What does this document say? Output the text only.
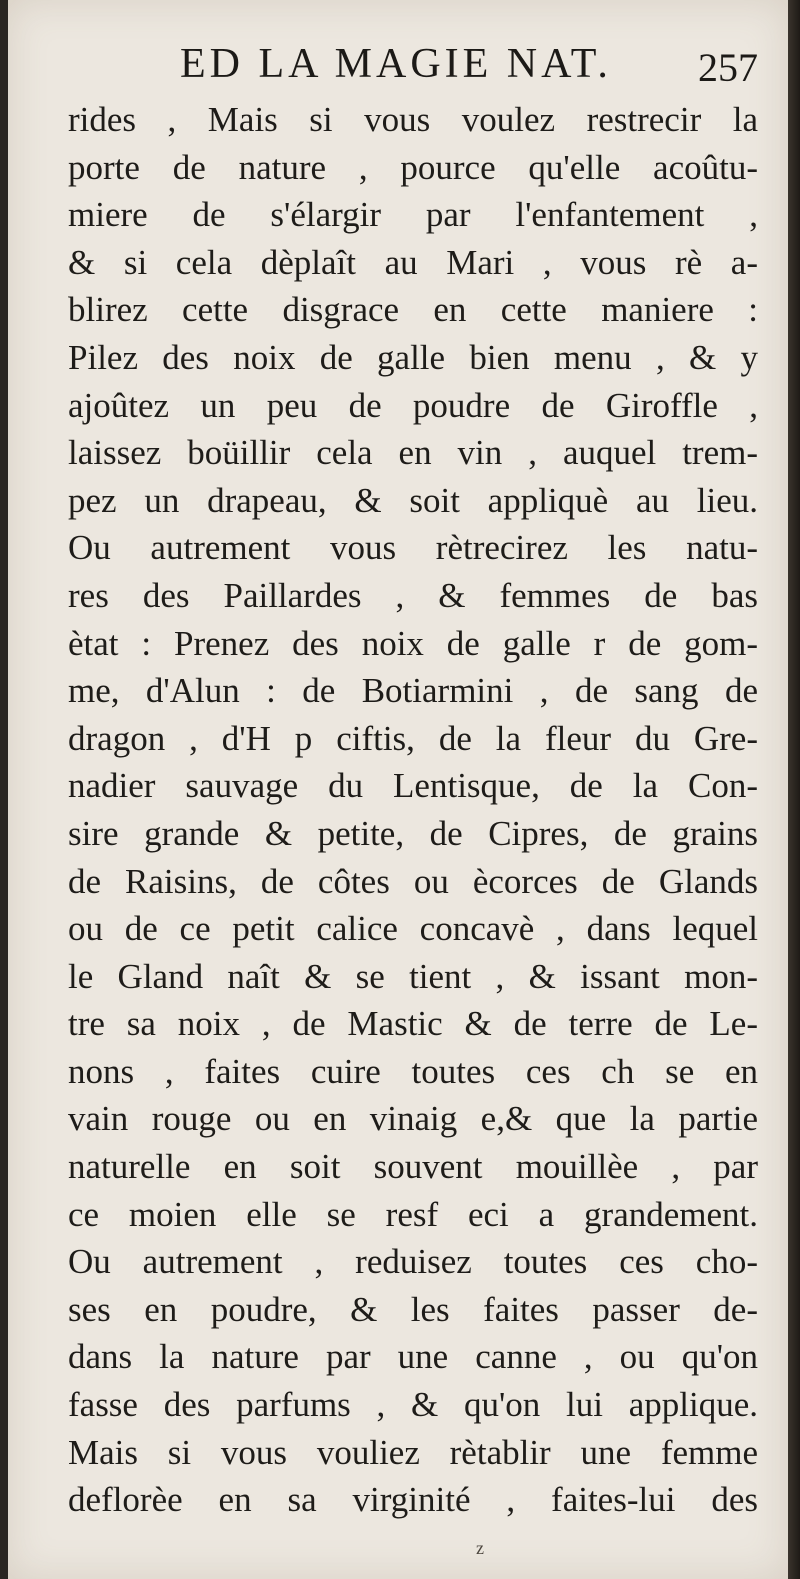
ED LA MAGIE NAT. 257
rides , Mais si vous voulez restrecir la
porte de nature , pource qu'elle acoûtu-
miere de s'élargir par l'enfantement ,
& si cela dèplaît au Mari , vous rè a-
blirez cette disgrace en cette maniere :
Pilez des noix de galle bien menu , & y
ajoûtez un peu de poudre de Giroffle ,
laissez boüillir cela en vin , auquel trem-
pez un drapeau, & soit appliquè au lieu.
Ou autrement vous rètrecirez les natu-
res des Paillardes , & femmes de bas
ètat : Prenez des noix de galle r de gom-
me, d'Alun : de Botiarmini , de sang de
dragon , d'H p ciftis, de la fleur du Gre-
nadier sauvage du Lentisque, de la Con-
sire grande & petite, de Cipres, de grains
de Raisins, de côtes ou ècorces de Glands
ou de ce petit calice concavè , dans lequel
le Gland naît & se tient , & issant mon-
tre sa noix , de Mastic & de terre de Le-
nons , faites cuire toutes ces ch se en
vain rouge ou en vinaig e,& que la partie
naturelle en soit souvent mouillèe , par
ce moien elle se resf eci a grandement.
Ou autrement , reduisez toutes ces cho-
ses en poudre, & les faites passer de-
dans la nature par une canne , ou qu'on
fasse des parfums , & qu'on lui applique.
Mais si vous vouliez rètablir une femme
deflorèe en sa virginité , faites-lui des
z
